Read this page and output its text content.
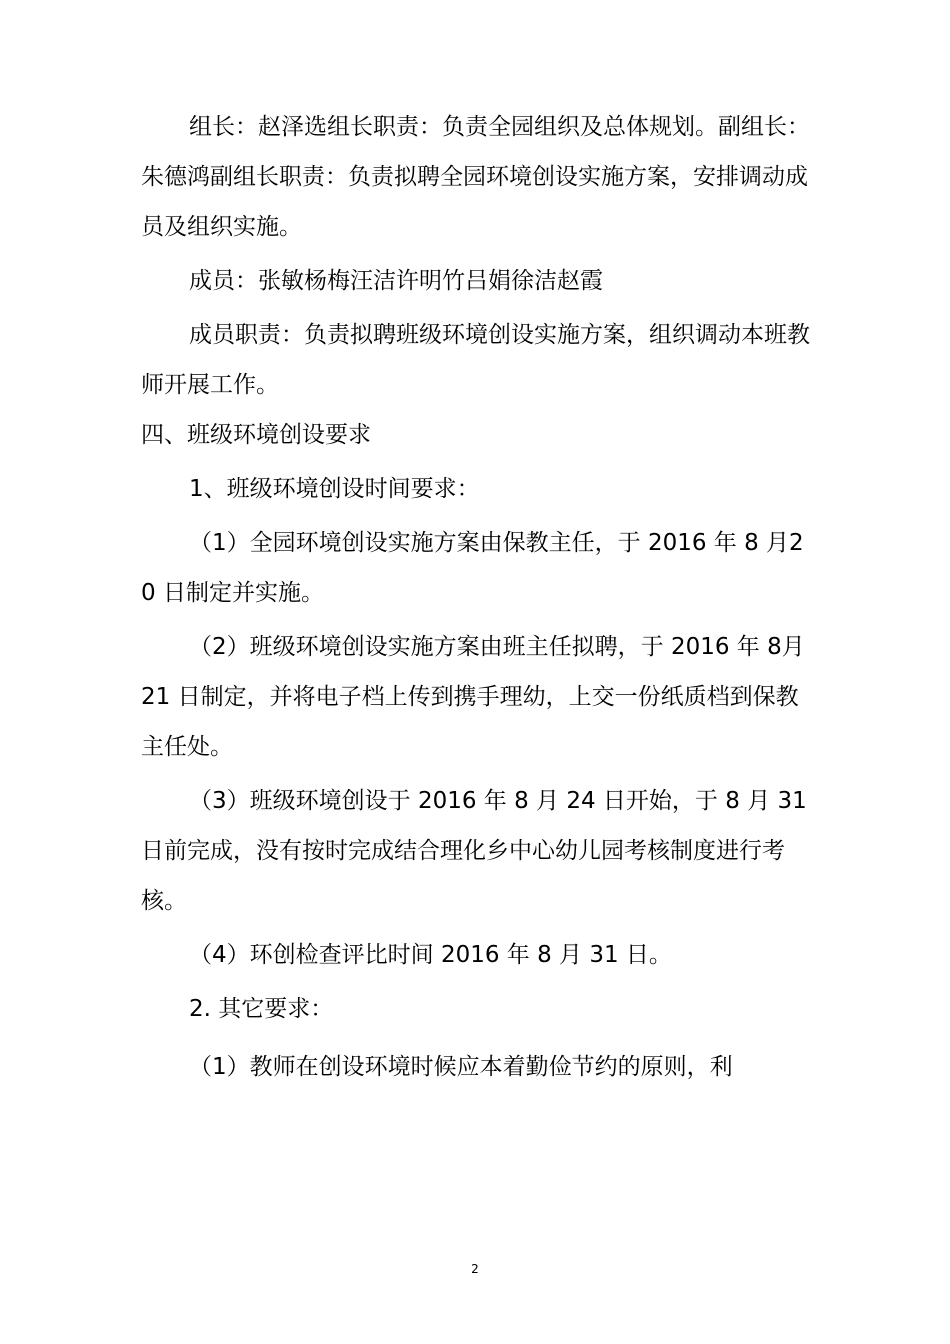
组长：赵泽选组长职责：负责全园组织及总体规划。副组长：朱德鸿副组长职责：负责拟聘全园环境创设实施方案，安排调动成员及组织实施。

成员：张敏杨梅汪洁许明竹吕娟徐洁赵霞

成员职责：负责拟聘班级环境创设实施方案，组织调动本班教师开展工作。

四、班级环境创设要求

1、班级环境创设时间要求：

（1）全园环境创设实施方案由保教主任，于 2016 年 8 月20 日制定并实施。

（2）班级环境创设实施方案由班主任拟聘，于 2016 年 8月 21 日制定，并将电子档上传到携手理幼，上交一份纸质档到保教主任处。

（3）班级环境创设于 2016 年 8 月 24 日开始，于 8 月 31日前完成，没有按时完成结合理化乡中心幼儿园考核制度进行考核。

（4）环创检查评比时间 2016 年 8 月 31 日。

2. 其它要求：

（1）教师在创设环境时候应本着勤俭节约的原则，利

2
